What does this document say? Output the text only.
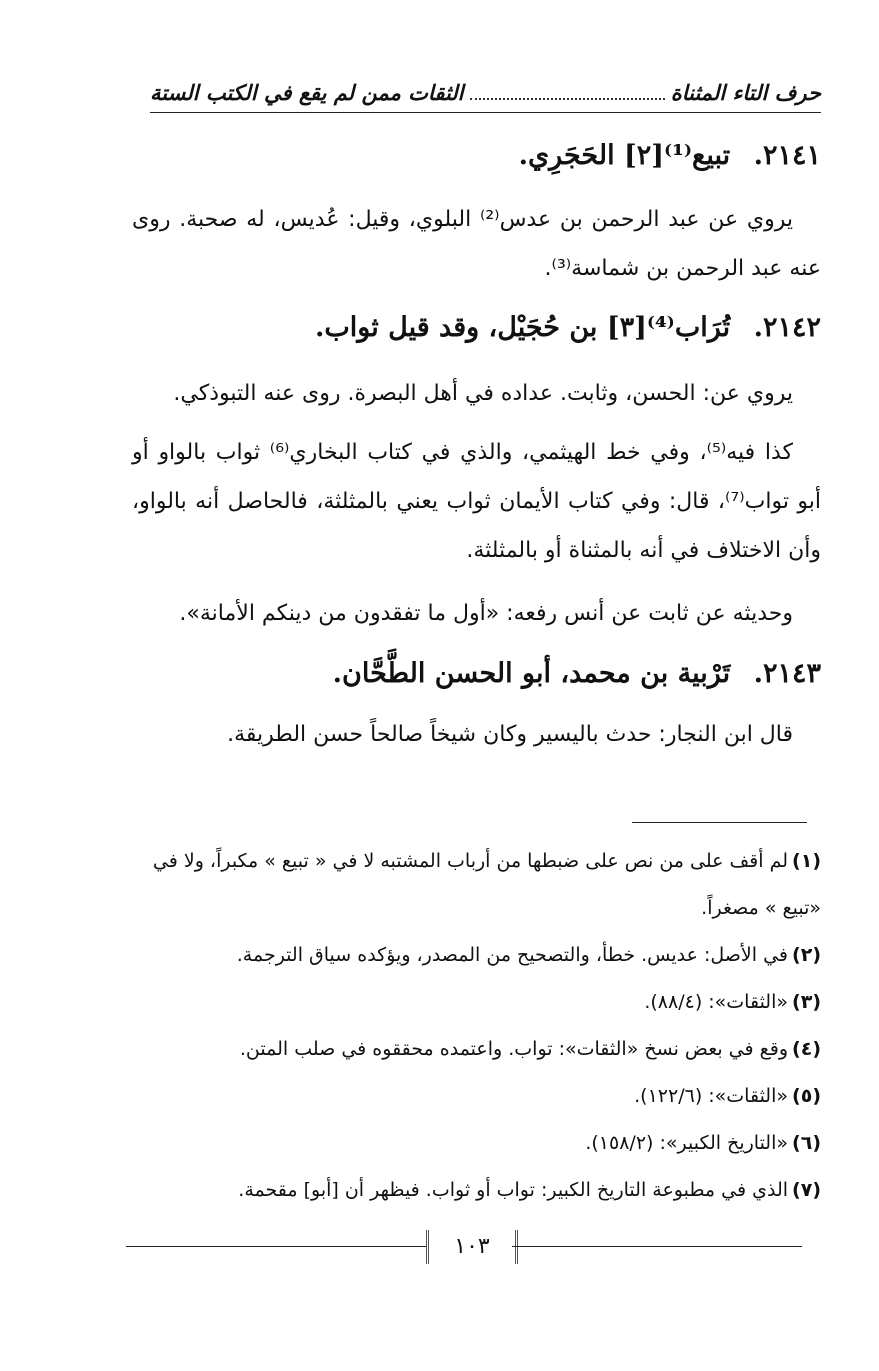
حرف التاء المثناة
الثقات ممن لم يقع في الكتب الستة
٢١٤١. تبيع⁽¹⁾[٢] الحَجَرِي.

يروي عن عبد الرحمن بن عدس⁽²⁾ البلوي، وقيل: عُديس، له صحبة. روى عنه عبد الرحمن بن شماسة⁽³⁾.

٢١٤٢. تُرَاب⁽⁴⁾[٣] بن حُجَيْل، وقد قيل ثواب.

يروي عن: الحسن، وثابت. عداده في أهل البصرة. روى عنه التبوذكي.

كذا فيه⁽⁵⁾، وفي خط الهيثمي، والذي في كتاب البخاري⁽⁶⁾ ثواب بالواو أو أبو تواب⁽⁷⁾، قال: وفي كتاب الأيمان ثواب يعني بالمثلثة، فالحاصل أنه بالواو، وأن الاختلاف في أنه بالمثناة أو بالمثلثة.

وحديثه عن ثابت عن أنس رفعه: «أول ما تفقدون من دينكم الأمانة».

٢١٤٣. تَرْبية بن محمد، أبو الحسن الطَّحَّان.

قال ابن النجار: حدث باليسير وكان شيخاً صالحاً حسن الطريقة.

(١)لم أقف على من نص على ضبطها من أرباب المشتبه لا في « تبيع » مكبراً، ولا في «تبيع » مصغراً.

(٢)في الأصل: عديس. خطأ، والتصحيح من المصدر، ويؤكده سياق الترجمة.

(٣)«الثقات»: (٨٨/٤).

(٤)وقع في بعض نسخ «الثقات»: تواب. واعتمده محققوه في صلب المتن.

(٥)«الثقات»: (١٢٢/٦).

(٦)«التاريخ الكبير»: (١٥٨/٢).

(٧)الذي في مطبوعة التاريخ الكبير: تواب أو ثواب. فيظهر أن [أبو] مقحمة.

١٠٣
